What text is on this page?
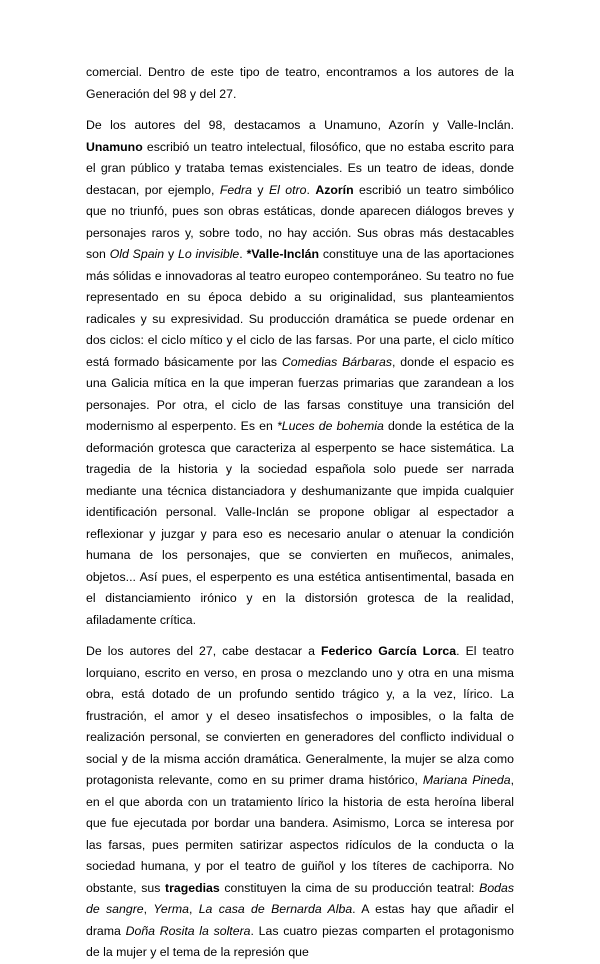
comercial. Dentro de este tipo de teatro, encontramos a los autores de la Generación del 98 y del 27.

De los autores del 98, destacamos a Unamuno, Azorín y Valle-Inclán. Unamuno escribió un teatro intelectual, filosófico, que no estaba escrito para el gran público y trataba temas existenciales. Es un teatro de ideas, donde destacan, por ejemplo, Fedra y El otro. Azorín escribió un teatro simbólico que no triunfó, pues son obras estáticas, donde aparecen diálogos breves y personajes raros y, sobre todo, no hay acción. Sus obras más destacables son Old Spain y Lo invisible. *Valle-Inclán constituye una de las aportaciones más sólidas e innovadoras al teatro europeo contemporáneo. Su teatro no fue representado en su época debido a su originalidad, sus planteamientos radicales y su expresividad. Su producción dramática se puede ordenar en dos ciclos: el ciclo mítico y el ciclo de las farsas. Por una parte, el ciclo mítico está formado básicamente por las Comedias Bárbaras, donde el espacio es una Galicia mítica en la que imperan fuerzas primarias que zarandean a los personajes. Por otra, el ciclo de las farsas constituye una transición del modernismo al esperpento. Es en *Luces de bohemia donde la estética de la deformación grotesca que caracteriza al esperpento se hace sistemática. La tragedia de la historia y la sociedad española solo puede ser narrada mediante una técnica distanciadora y deshumanizante que impida cualquier identificación personal. Valle-Inclán se propone obligar al espectador a reflexionar y juzgar y para eso es necesario anular o atenuar la condición humana de los personajes, que se convierten en muñecos, animales, objetos... Así pues, el esperpento es una estética antisentimental, basada en el distanciamiento irónico y en la distorsión grotesca de la realidad, afiladamente crítica.

De los autores del 27, cabe destacar a Federico García Lorca. El teatro lorquiano, escrito en verso, en prosa o mezclando uno y otra en una misma obra, está dotado de un profundo sentido trágico y, a la vez, lírico. La frustración, el amor y el deseo insatisfechos o imposibles, o la falta de realización personal, se convierten en generadores del conflicto individual o social y de la misma acción dramática. Generalmente, la mujer se alza como protagonista relevante, como en su primer drama histórico, Mariana Pineda, en el que aborda con un tratamiento lírico la historia de esta heroína liberal que fue ejecutada por bordar una bandera. Asimismo, Lorca se interesa por las farsas, pues permiten satirizar aspectos ridículos de la conducta o la sociedad humana, y por el teatro de guiñol y los títeres de cachiporra. No obstante, sus tragedias constituyen la cima de su producción teatral: Bodas de sangre, Yerma, La casa de Bernarda Alba. A estas hay que añadir el drama Doña Rosita la soltera. Las cuatro piezas comparten el protagonismo de la mujer y el tema de la represión que
